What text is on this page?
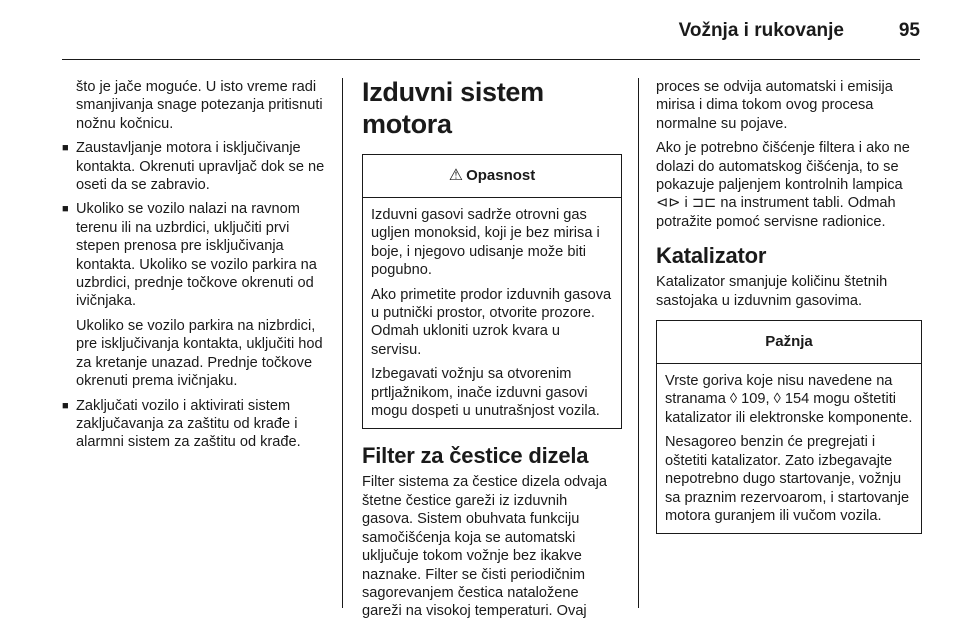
Vožnja i rukovanje	95

što je jače moguće. U isto vreme radi smanjivanja snage potezanja pritisnuti nožnu kočnicu.

■ Zaustavljanje motora i isključivanje kontakta. Okrenuti upravljač dok se ne oseti da se zabravio.
■ Ukoliko se vozilo nalazi na ravnom terenu ili na uzbrdici, uključiti prvi stepen prenosa pre isključivanja kontakta. Ukoliko se vozilo parkira na uzbrdici, prednje točkove okrenuti od ivičnjaka.

Ukoliko se vozilo parkira na nizbrdici, pre isključivanja kontakta, uključiti hod za kretanje unazad. Prednje točkove okrenuti prema ivičnjaku.

■ Zaključati vozilo i aktivirati sistem zaključavanja za zaštitu od krađe i alarmni sistem za zaštitu od krađe.
Izduvni sistem motora
⚠ Opasnost

Izduvni gasovi sadrže otrovni gas ugljen monoksid, koji je bez mirisa i boje, i njegovo udisanje može biti pogubno.

Ako primetite prodor izduvnih gasova u putnički prostor, otvorite prozore. Odmah ukloniti uzrok kvara u servisu.

Izbegavati vožnju sa otvorenim prtljažnikom, inače izduvni gasovi mogu dospeti u unutrašnjost vozila.

Filter za čestice dizela

Filter sistema za čestice dizela odvaja štetne čestice gareži iz izduvnih gasova. Sistem obuhvata funkciju samočišćenja koja se automatski uključuje tokom vožnje bez ikakve naznake. Filter se čisti periodičnim sagorevanjem čestica nataložene gareži na visokoj temperaturi. Ovaj

proces se odvija automatski i emisija mirisa i dima tokom ovog procesa normalne su pojave.

Ako je potrebno čišćenje filtera i ako ne dolazi do automatskog čišćenja, to se pokazuje paljenjem kontrolnih lampica ⊲⊳ i ⊐⊏ na instrument tabli. Odmah potražite pomoć servisne radionice.

Katalizator

Katalizator smanjuje količinu štetnih sastojaka u izduvnim gasovima.

Pažnja

Vrste goriva koje nisu navedene na stranama ◊ 109, ◊ 154 mogu oštetiti katalizator ili elektronske komponente.

Nesagoreo benzin će pregrejati i oštetiti katalizator. Zato izbegavajte nepotrebno dugo startovanje, vožnju sa praznim rezervoarom, i startovanje motora guranjem ili vučom vozila.
